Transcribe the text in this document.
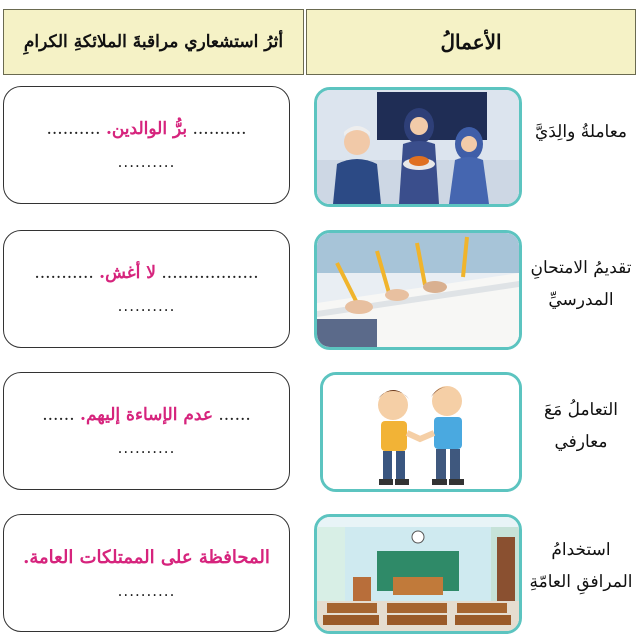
الأعمالُ
أثرُ استشعاري مراقبةَ الملائكةِ الكرامِ
.......... برُّ الوالدين. ..........
..........
معاملةُ والِدَيَّ
.................. لا أغش. ...........
..........
تقديمُ الامتحانِ
المدرسيِّ
...... عدم الإساءة إليهم. ......
..........
التعاملُ مَعَ
معارفي
المحافظة على الممتلكات العامة.
..........
استخدامُ
المرافقِ العامّةِ
